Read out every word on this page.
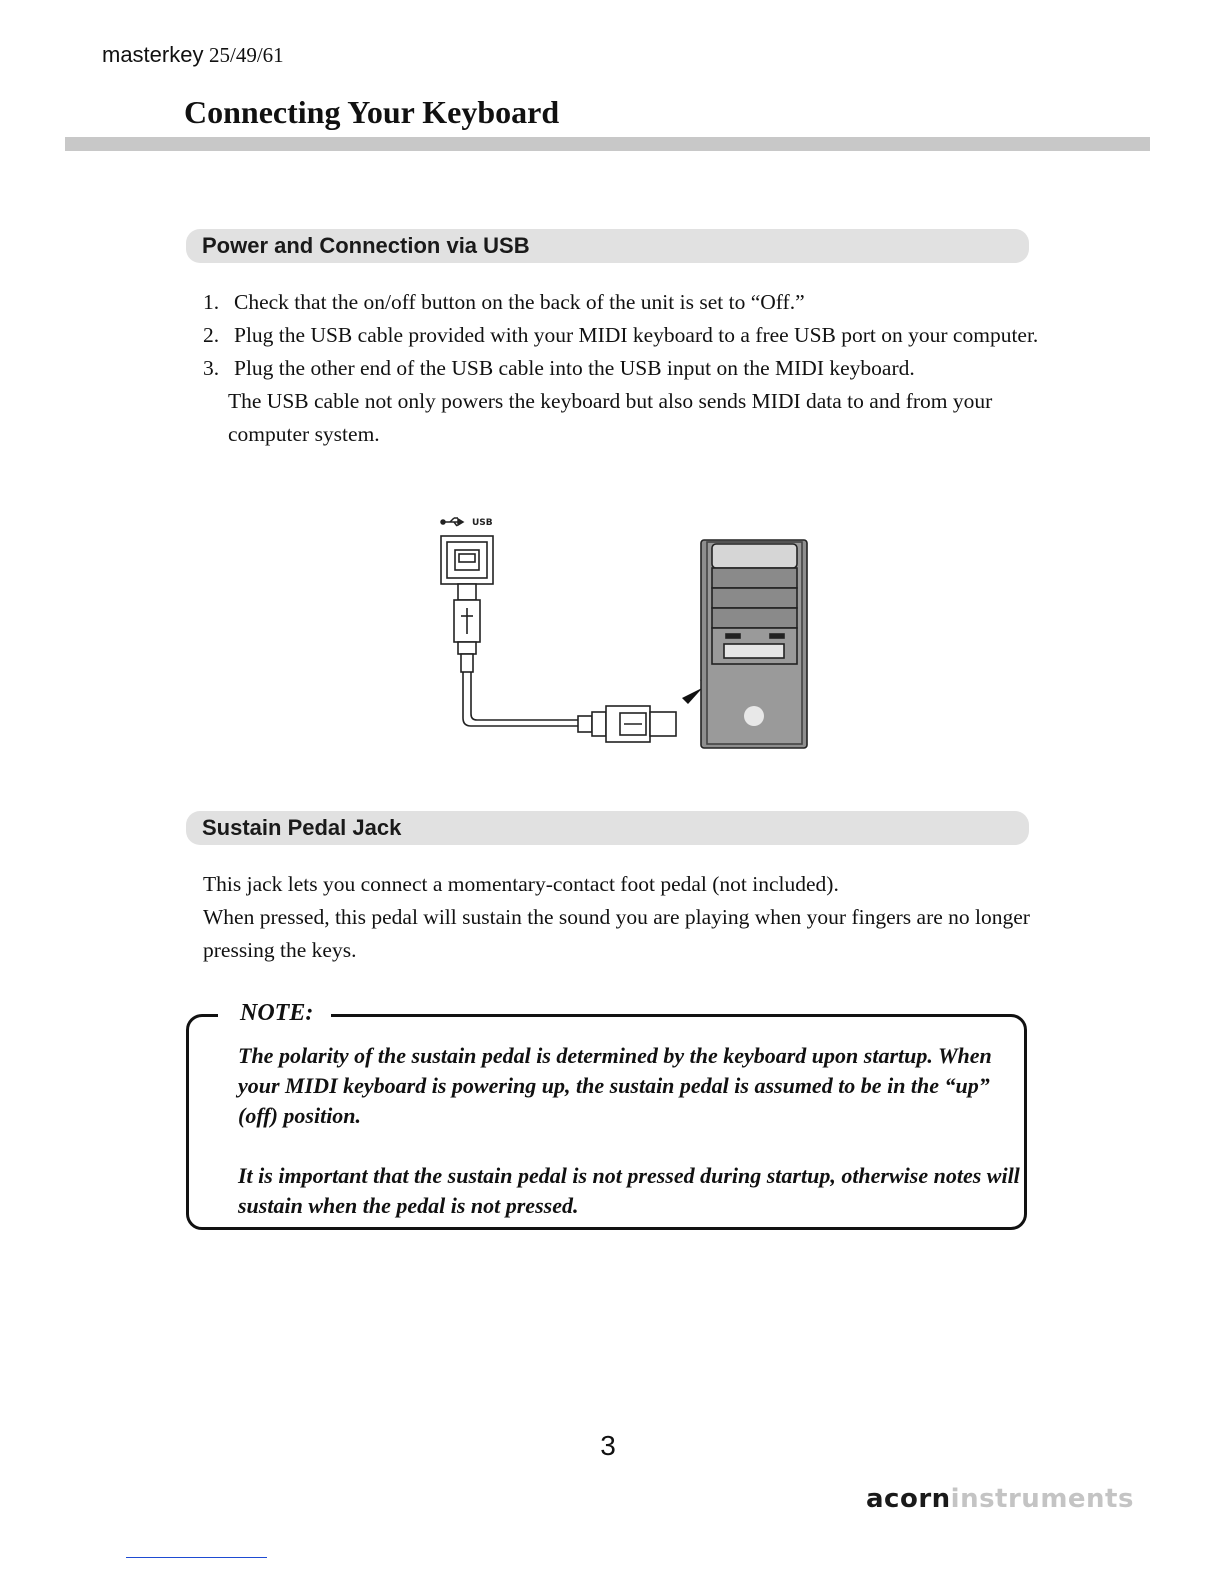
masterkey 25/49/61
Connecting Your Keyboard
Power and Connection via USB
1. Check that the on/off button on the back of the unit is set to “Off.”
2. Plug the USB cable provided with your MIDI keyboard to a free USB port on your computer.
3. Plug the other end of the USB cable into the USB input on the MIDI keyboard.
The USB cable not only powers the keyboard but also sends MIDI data to and from your computer system.
USB
Sustain Pedal Jack

This jack lets you connect a momentary-contact foot pedal (not included).

When pressed, this pedal will sustain the sound you are playing when your fingers are no longer pressing the keys.

NOTE:

The polarity of the sustain pedal is determined by the keyboard upon startup. When your MIDI keyboard is powering up, the sustain pedal is assumed to be in the “up” (off) position.

It is important that the sustain pedal is not pressed during startup, otherwise notes will sustain when the pedal is not pressed.

3
acorninstruments
